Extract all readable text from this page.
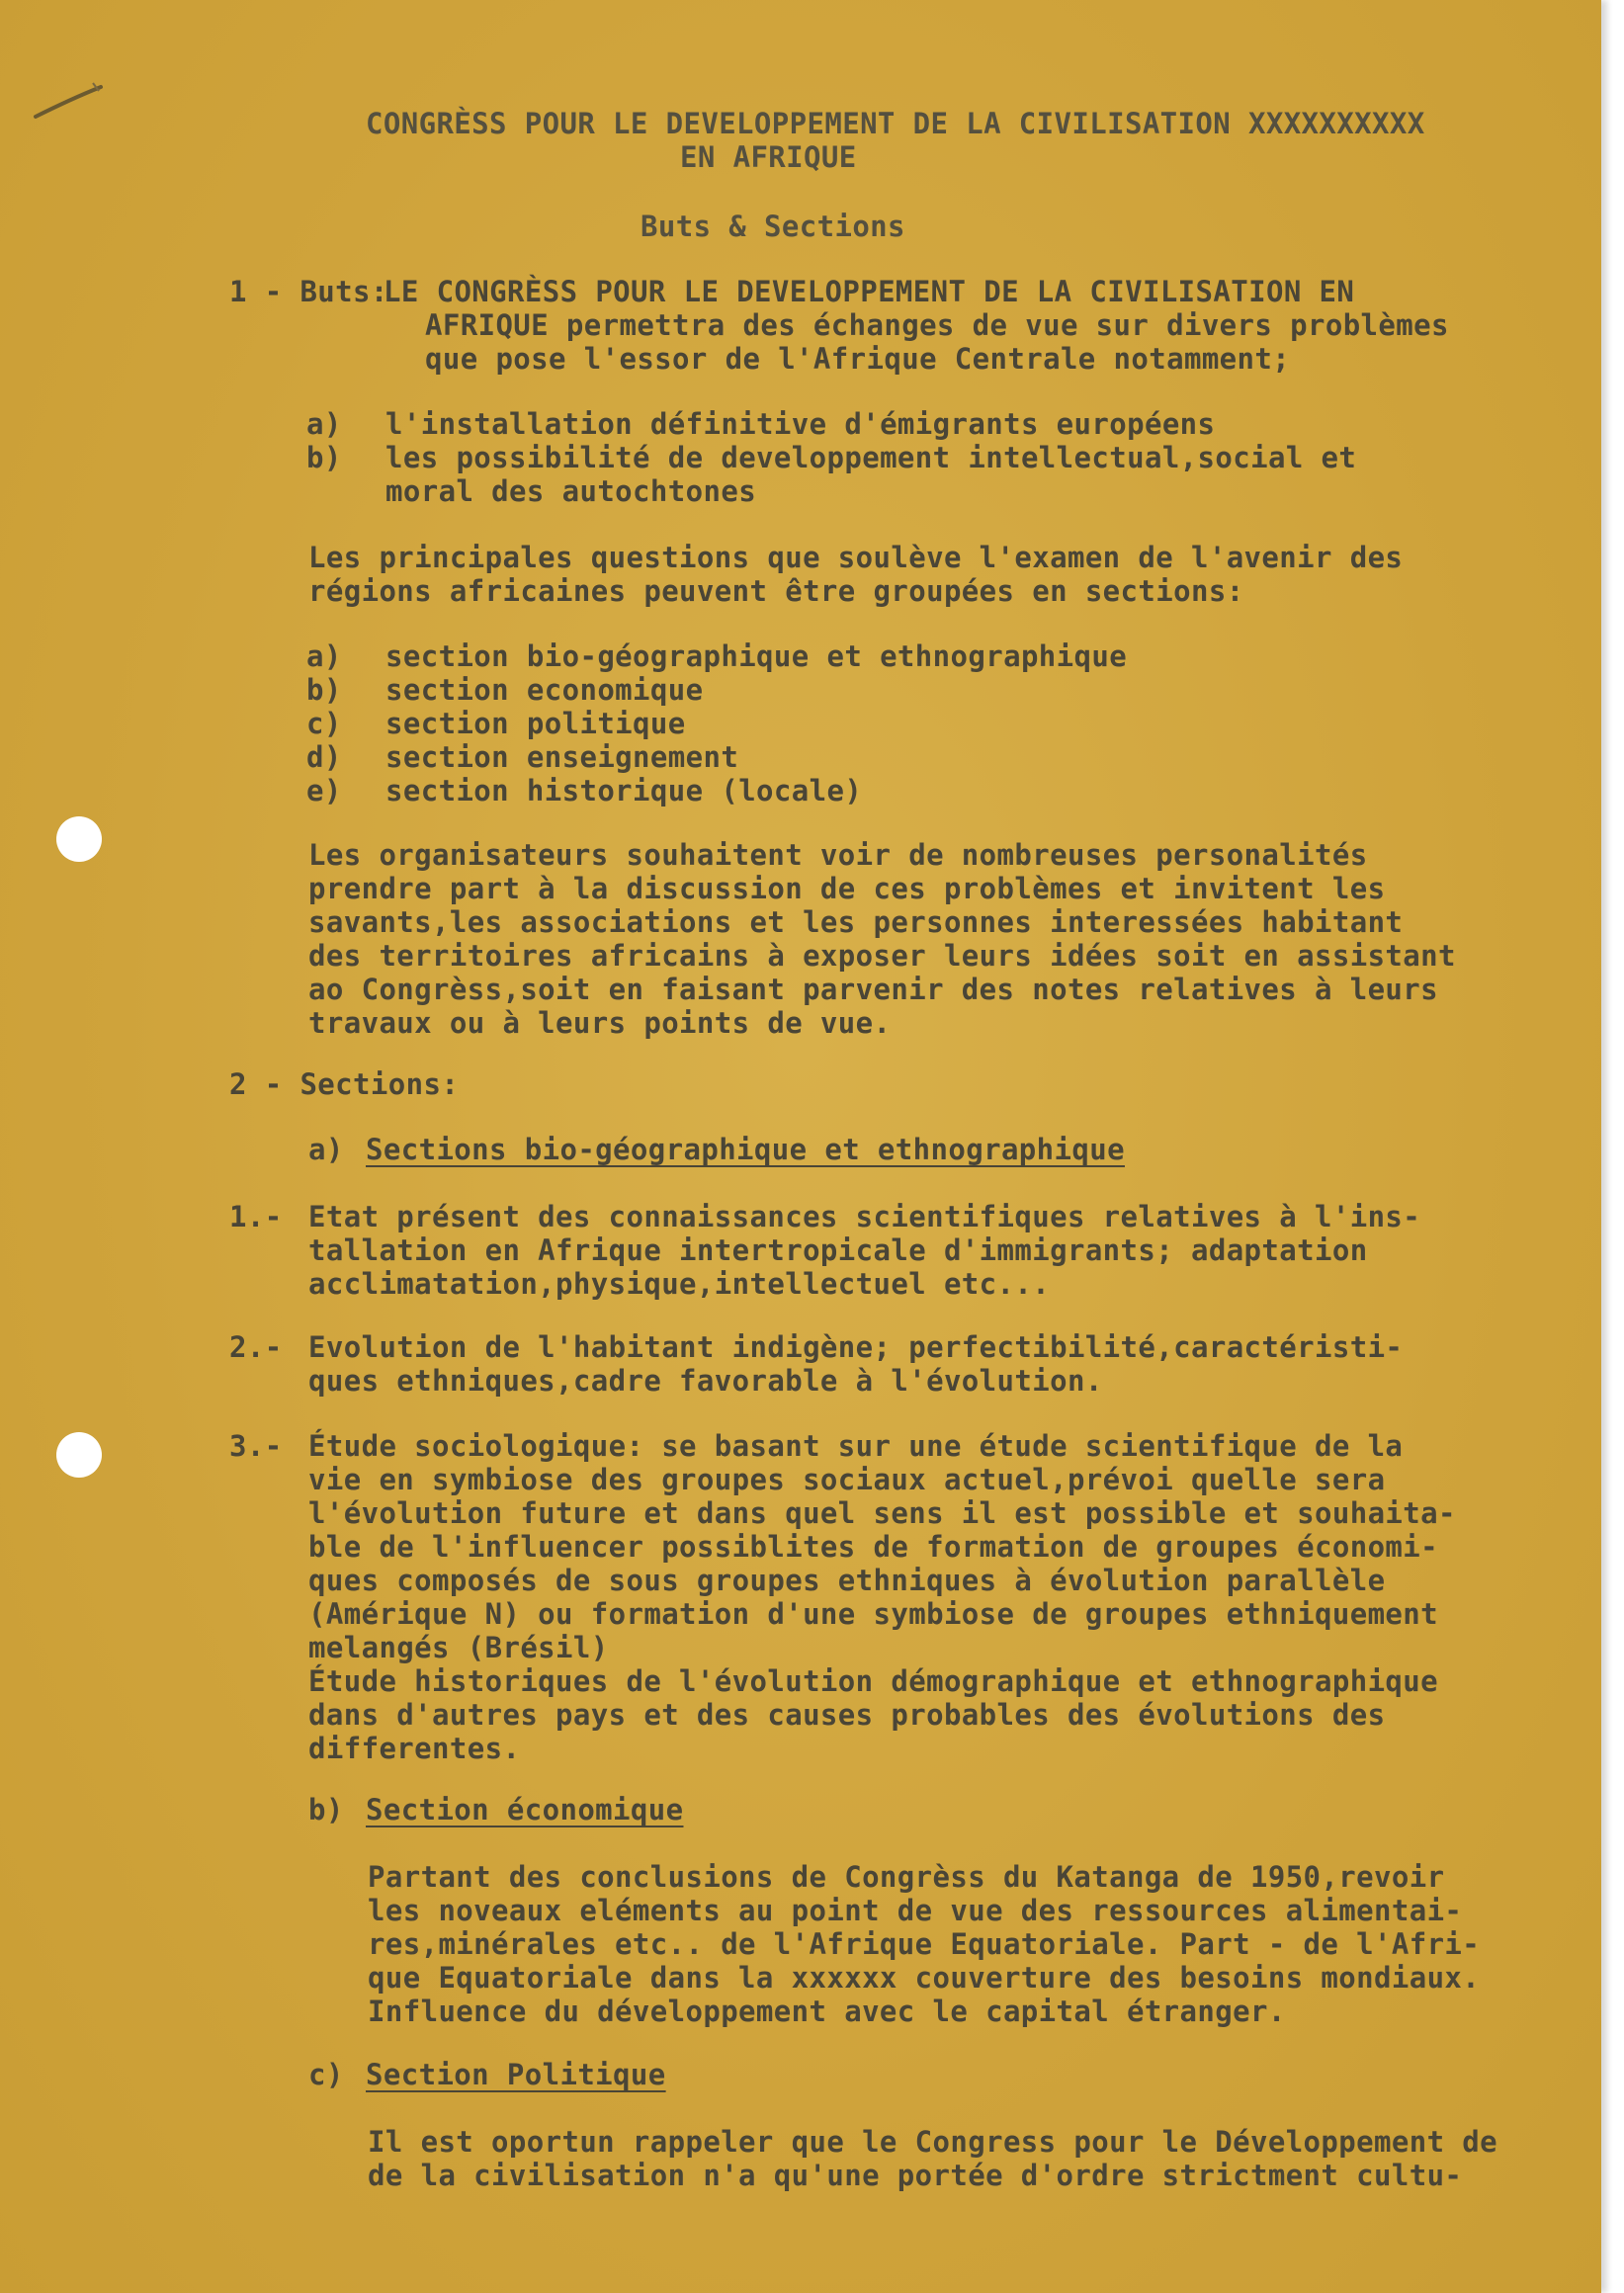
CONGRÈSS POUR LE DEVELOPPEMENT DE LA CIVILISATION XXXXXXXXXX
EN AFRIQUE
Buts & Sections
1 - Buts:
LE CONGRÈSS POUR LE DEVELOPPEMENT DE LA CIVILISATION EN
AFRIQUE permettra des échanges de vue sur divers problèmes
que pose l'essor de l'Afrique Centrale notamment;
a) l'installation définitive d'émigrants européens
b) les possibilité de developpement intellectual,social et
moral des autochtones
Les principales questions que soulève l'examen de l'avenir des
régions africaines peuvent être groupées en sections:
a) section bio-géographique et ethnographique
b) section economique
c) section politique
d) section enseignement
e) section historique (locale)
Les organisateurs souhaitent voir de nombreuses personalités
prendre part à la discussion de ces problèmes et invitent les
savants,les associations et les personnes interessées habitant
des territoires africains à exposer leurs idées soit en assistant
ao Congrèss,soit en faisant parvenir des notes relatives à leurs
travaux ou à leurs points de vue.
2 - Sections:
a) Sections bio-géographique et ethnographique
1.- Etat présent des connaissances scientifiques relatives à l'ins-
tallation en Afrique intertropicale d'immigrants; adaptation
acclimatation,physique,intellectuel etc...
2.- Evolution de l'habitant indigène; perfectibilité,caractéristi-
ques ethniques,cadre favorable à l'évolution.
3.- Étude sociologique: se basant sur une étude scientifique de la
vie en symbiose des groupes sociaux actuel,prévoi quelle sera
l'évolution future et dans quel sens il est possible et souhaita-
ble de l'influencer possiblites de formation de groupes économi-
ques composés de sous groupes ethniques à évolution parallèle
(Amérique N) ou formation d'une symbiose de groupes ethniquement
melangés (Brésil)
Étude historiques de l'évolution démographique et ethnographique
dans d'autres pays et des causes probables des évolutions des
differentes.
b) Section économique
Partant des conclusions de Congrèss du Katanga de 1950,revoir
les noveaux eléments au point de vue des ressources alimentai-
res,minérales etc.. de l'Afrique Equatoriale. Part - de l'Afri-
que Equatoriale dans la xxxxxx couverture des besoins mondiaux.
Influence du développement avec le capital étranger.
c) Section Politique
Il est oportun rappeler que le Congress pour le Développement de
de la civilisation n'a qu'une portée d'ordre strictment cultu-
